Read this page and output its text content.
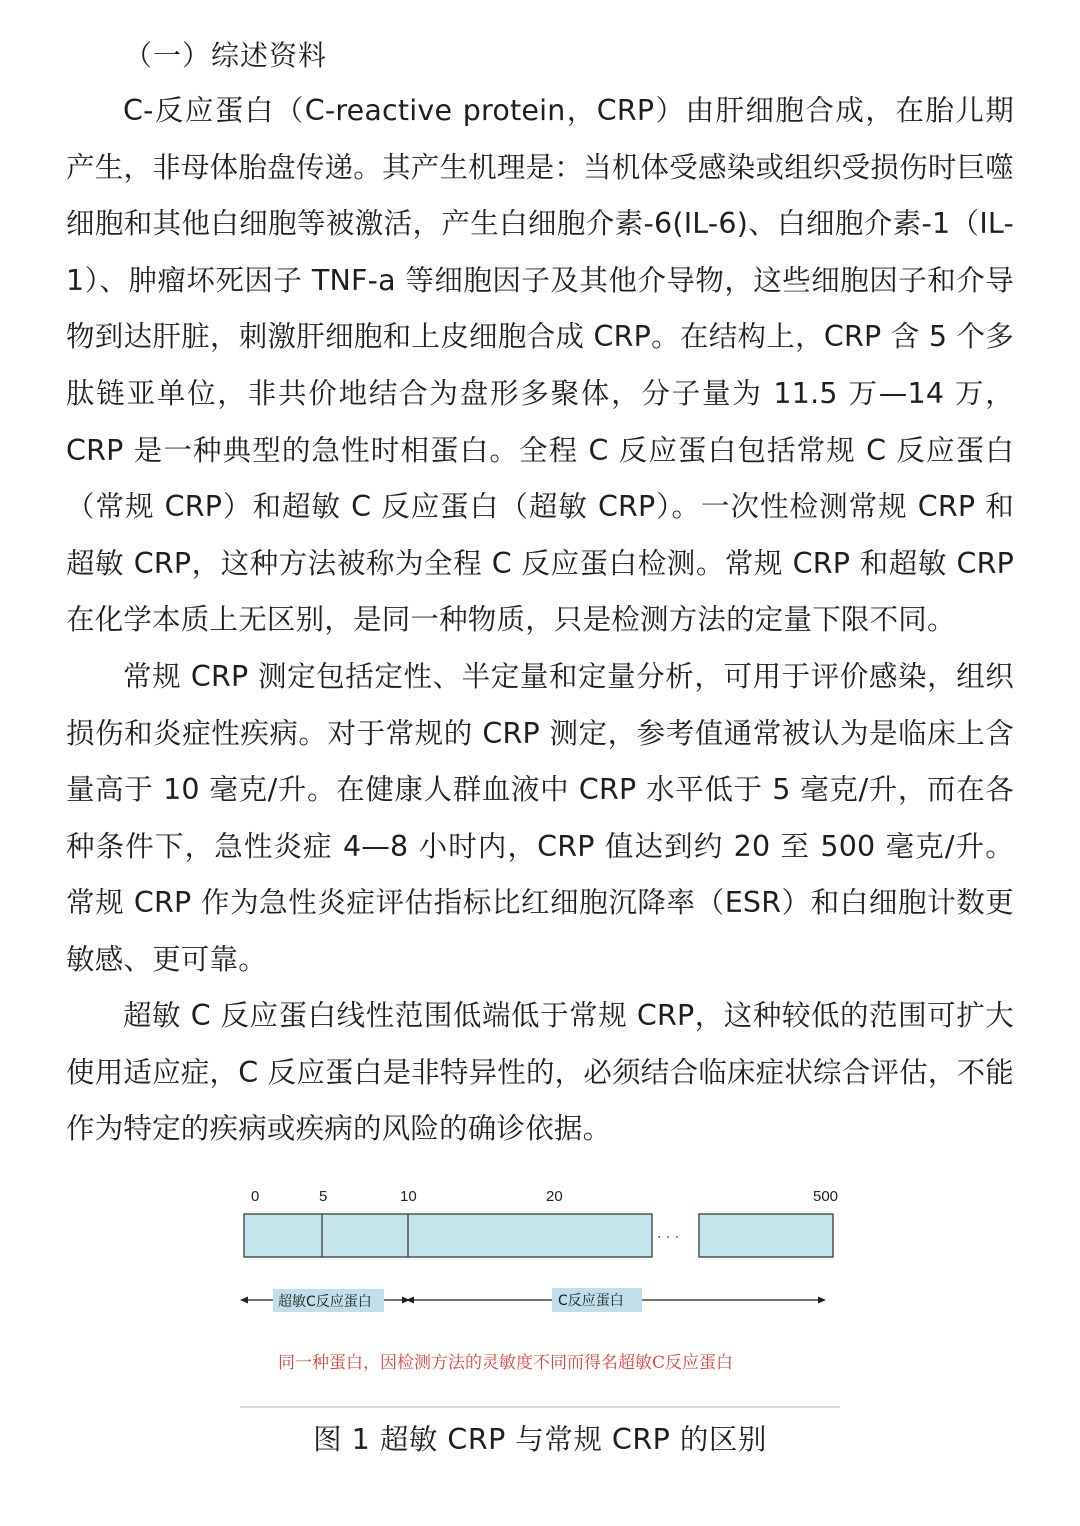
（一）综述资料

C-反应蛋白（C-reactive protein，CRP）由肝细胞合成，在胎儿期产生，非母体胎盘传递。其产生机理是：当机体受感染或组织受损伤时巨噬细胞和其他白细胞等被激活，产生白细胞介素-6(IL-6)、白细胞介素-1（IL-1）、肿瘤坏死因子 TNF-a 等细胞因子及其他介导物，这些细胞因子和介导物到达肝脏，刺激肝细胞和上皮细胞合成 CRP。在结构上，CRP 含 5 个多肽链亚单位，非共价地结合为盘形多聚体，分子量为 11.5 万—14 万，CRP 是一种典型的急性时相蛋白。全程 C 反应蛋白包括常规 C 反应蛋白（常规 CRP）和超敏 C 反应蛋白（超敏 CRP）。一次性检测常规 CRP 和超敏 CRP，这种方法被称为全程 C 反应蛋白检测。常规 CRP 和超敏 CRP 在化学本质上无区别，是同一种物质，只是检测方法的定量下限不同。

常规 CRP 测定包括定性、半定量和定量分析，可用于评价感染，组织损伤和炎症性疾病。对于常规的 CRP 测定，参考值通常被认为是临床上含量高于 10 毫克/升。在健康人群血液中 CRP 水平低于 5 毫克/升，而在各种条件下，急性炎症 4—8 小时内，CRP 值达到约 20 至 500 毫克/升。常规 CRP 作为急性炎症评估指标比红细胞沉降率（ESR）和白细胞计数更敏感、更可靠。

超敏 C 反应蛋白线性范围低端低于常规 CRP，这种较低的范围可扩大使用适应症，C 反应蛋白是非特异性的，必须结合临床症状综合评估，不能作为特定的疾病或疾病的风险的确诊依据。

0	5	10	20	500
· · ·
超敏C反应蛋白	C反应蛋白
同一种蛋白，因检测方法的灵敏度不同而得名超敏C反应蛋白
图 1 超敏 CRP 与常规 CRP 的区别
